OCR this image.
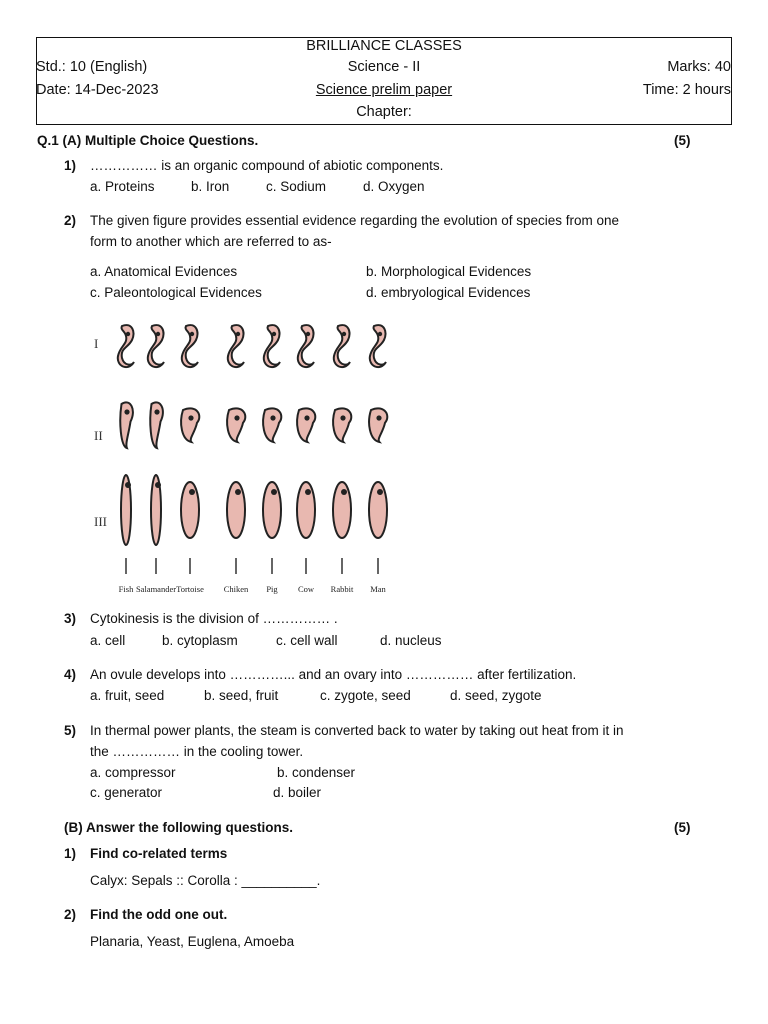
BRILLIANCE CLASSES
Std.: 10 (English)	Science - II	Marks: 40
Date: 14-Dec-2023	Science prelim paper	Time: 2 hours
Chapter:
Q.1 (A) Multiple Choice Questions.	(5)
1) …………… is an organic compound of abiotic components.
a. Proteins	b. Iron	c. Sodium	d. Oxygen
2) The given figure provides essential evidence regarding the evolution of species from one
form to another which are referred to as-
a. Anatomical Evidences	b. Morphological Evidences
c. Paleontological Evidences	d. embryological Evidences
I
II
III
Fish Salamander Tortoise Chiken Pig Cow Rabbit Man
3) Cytokinesis is the division of …………… .
a. cell	b. cytoplasm	c. cell wall	d. nucleus
4) An ovule develops into …………... and an ovary into …………… after fertilization.
a. fruit, seed	b. seed, fruit	c. zygote, seed	d. seed, zygote
5) In thermal power plants, the steam is converted back to water by taking out heat from it in
the …………… in the cooling tower.
a. compressor	b. condenser
c. generator	d. boiler
(B) Answer the following questions.	(5)
1) Find co-related terms
Calyx: Sepals :: Corolla : __________.
2) Find the odd one out.
Planaria, Yeast, Euglena, Amoeba
